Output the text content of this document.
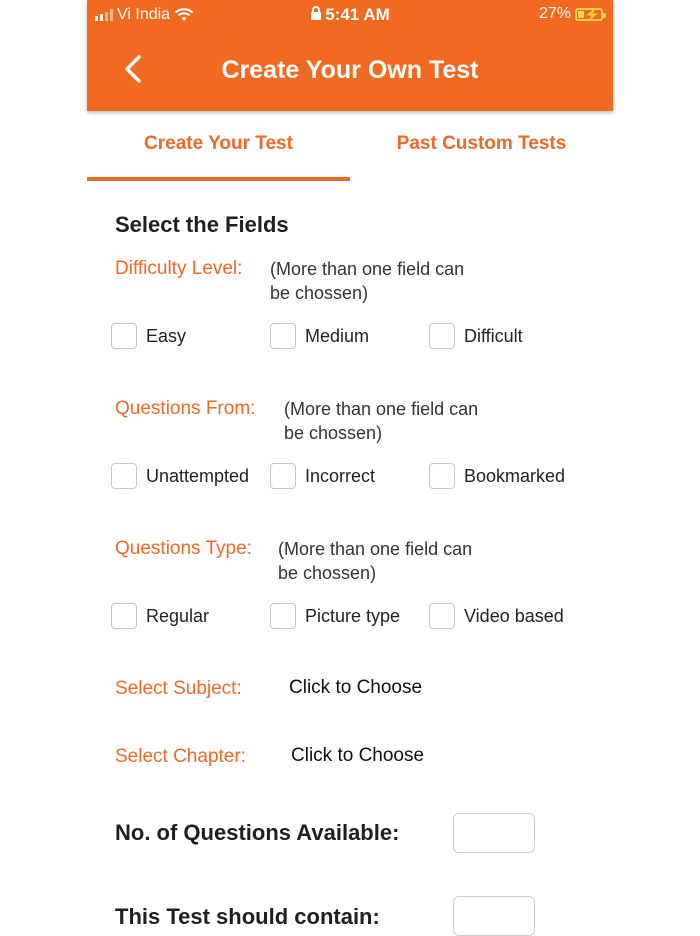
Vi India	5:41 AM	27% ⚡
Create Your Own Test
Create Your Test	Past Custom Tests
Select the Fields
Difficulty Level: (More than one field can
be chossen)
Easy	Medium	Difficult
Questions From: (More than one field can
be chossen)
Unattempted	Incorrect	Bookmarked
Questions Type: (More than one field can
be chossen)
Regular	Picture type	Video based
Select Subject: Click to Choose
Select Chapter: Click to Choose
No. of Questions Available:
This Test should contain:
